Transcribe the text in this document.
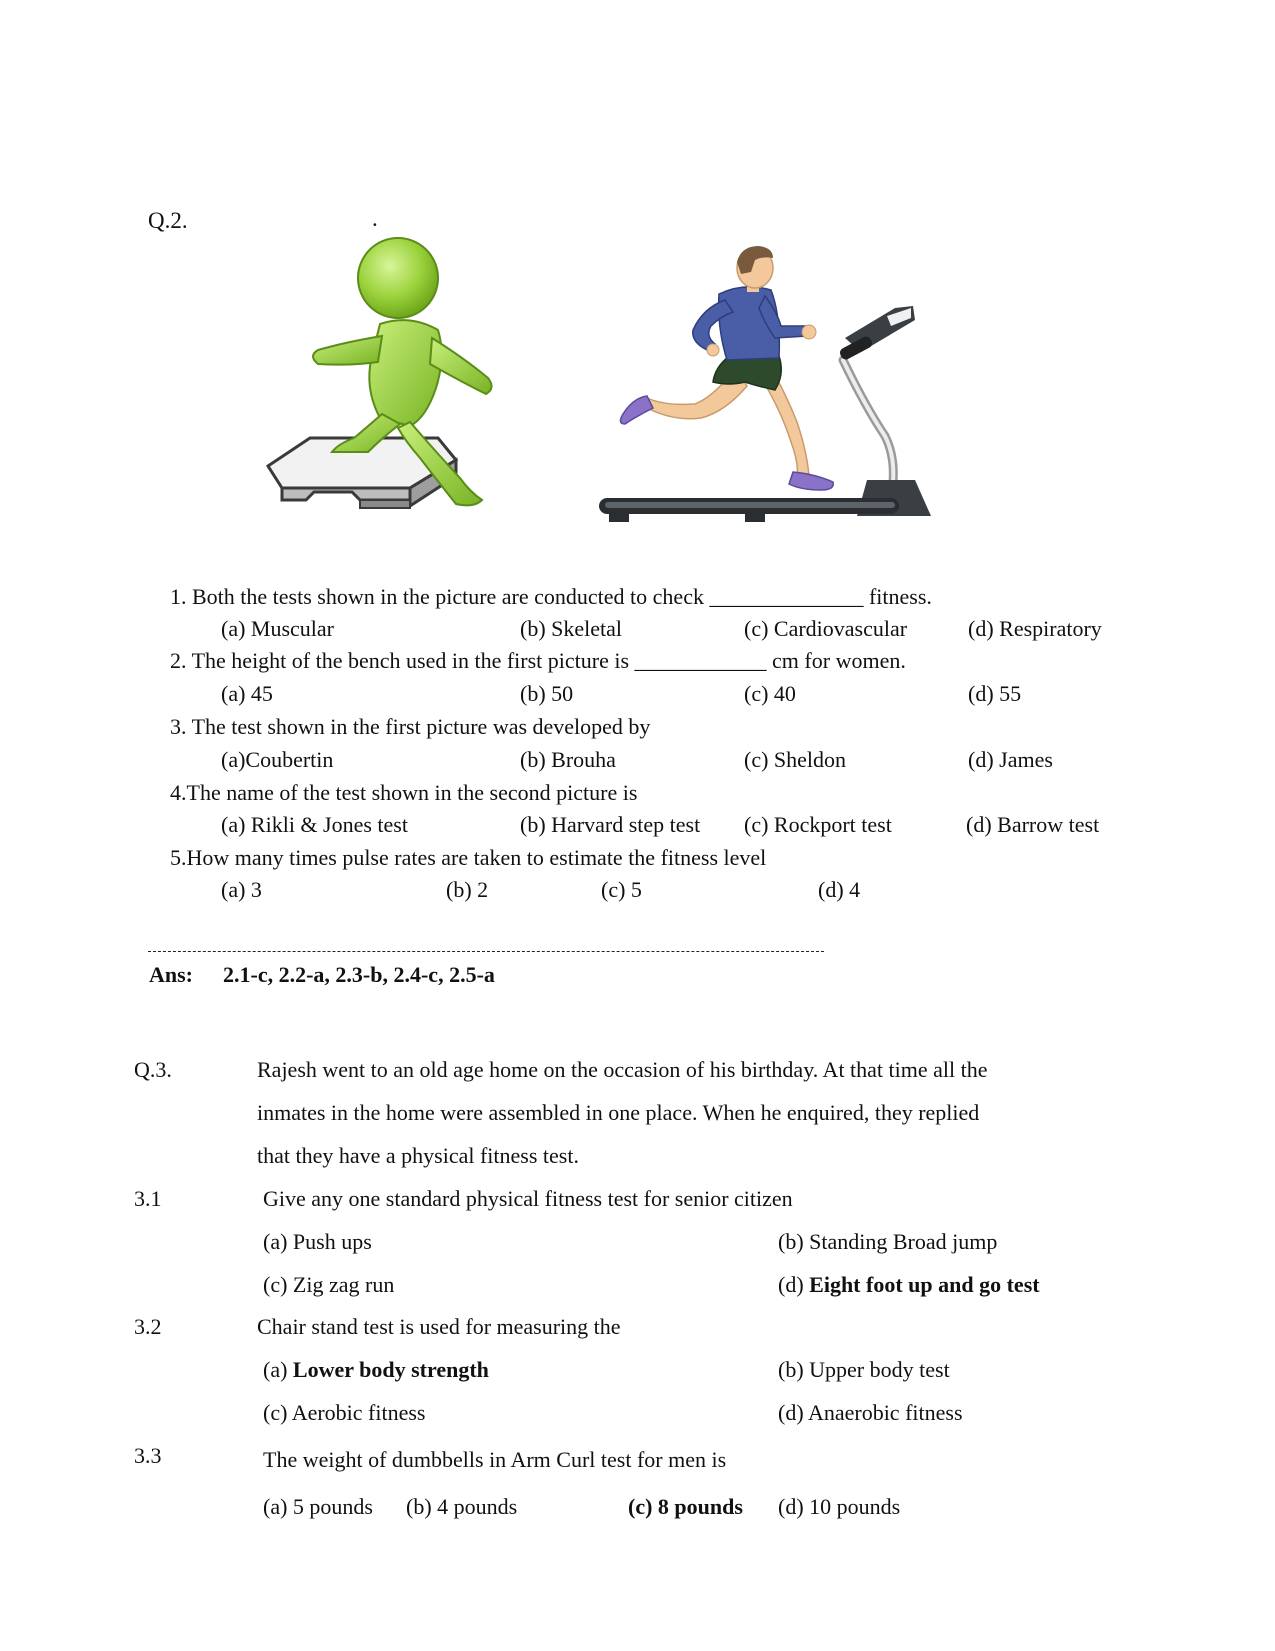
Q.2.	.
1. Both the tests shown in the picture are conducted to check ______________ fitness.
(a) Muscular	(b) Skeletal	(c) Cardiovascular	(d) Respiratory
2. The height of the bench used in the first picture is ____________ cm for women.
(a) 45	(b) 50	(c) 40	(d) 55
3. The test shown in the first picture was developed by
(a)Coubertin	(b) Brouha	(c) Sheldon	(d) James
4.The name of the test shown in the second picture is
(a) Rikli & Jones test	(b) Harvard step test (c) Rockport test	(d) Barrow test
5.How many times pulse rates are taken to estimate the fitness level
(a) 3	(b) 2	(c) 5	(d) 4
Ans: 2.1-c, 2.2-a, 2.3-b, 2.4-c, 2.5-a
Q.3.	Rajesh went to an old age home on the occasion of his birthday. At that time all the
inmates in the home were assembled in one place. When he enquired, they replied
that they have a physical fitness test.
3.1	Give any one standard physical fitness test for senior citizen
(a) Push ups	(b) Standing Broad jump
(c) Zig zag run	(d) Eight foot up and go test
3.2	Chair stand test is used for measuring the
(a) Lower body strength	(b) Upper body test
(c) Aerobic fitness	(d) Anaerobic fitness
3.3	The weight of dumbbells in Arm Curl test for men is
(a) 5 pounds (b) 4 pounds	(c) 8 pounds (d) 10 pounds
